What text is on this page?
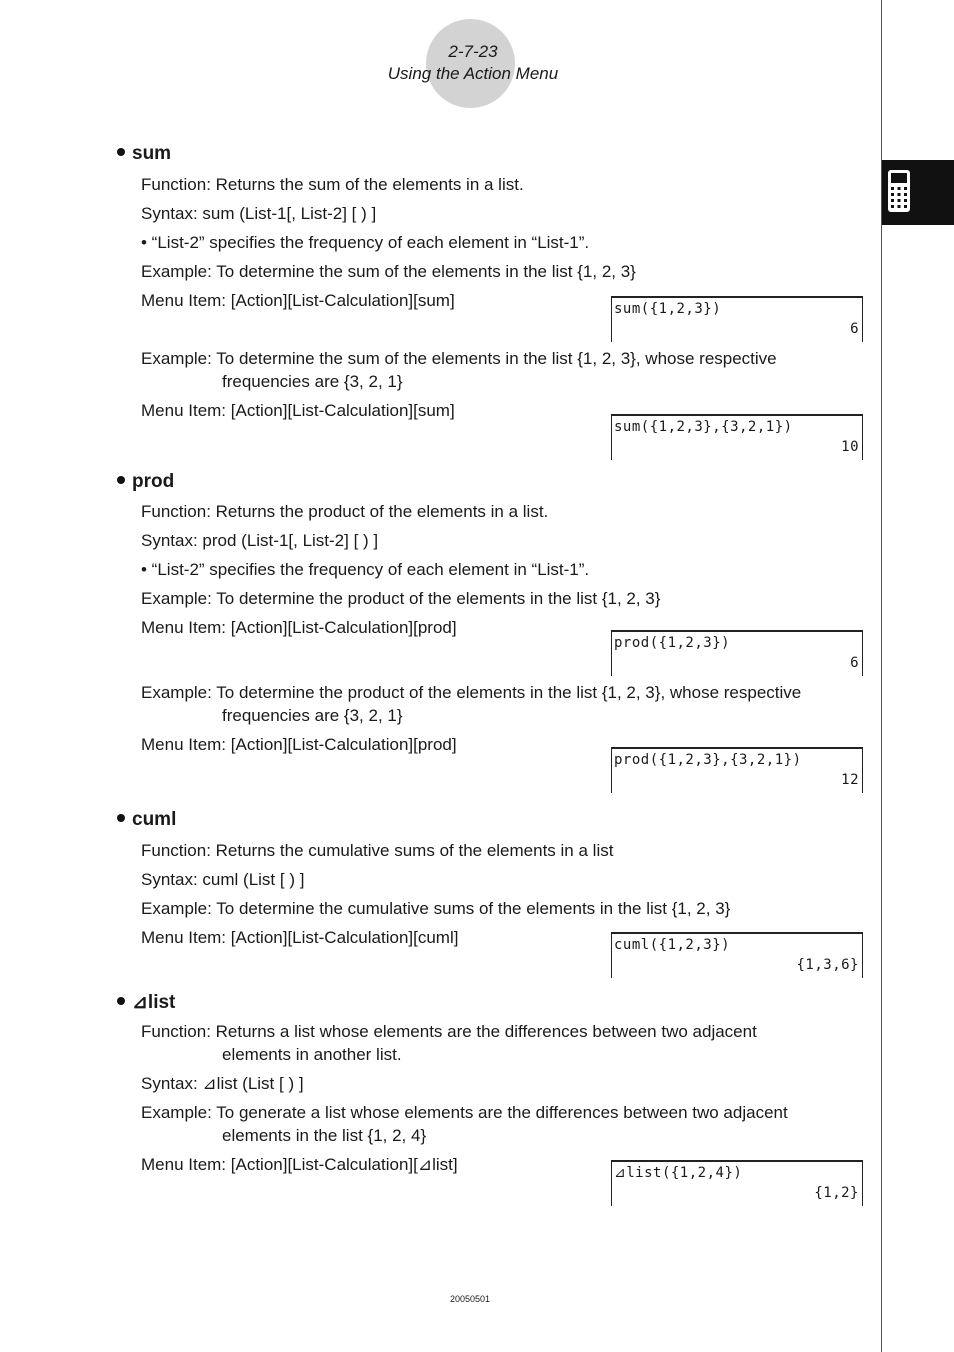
2-7-23
Using the Action Menu
sum
Function: Returns the sum of the elements in a list.
Syntax: sum (List-1[, List-2] [ ) ]
• “List-2” specifies the frequency of each element in “List-1”.
Example: To determine the sum of the elements in the list {1, 2, 3}
Menu Item: [Action][List-Calculation][sum]	sum({1,2,3})
6
Example: To determine the sum of the elements in the list {1, 2, 3}, whose respective
frequencies are {3, 2, 1}
Menu Item: [Action][List-Calculation][sum]
sum({1,2,3},{3,2,1})
10
prod
Function: Returns the product of the elements in a list.
Syntax: prod (List-1[, List-2] [ ) ]
• “List-2” specifies the frequency of each element in “List-1”.
Example: To determine the product of the elements in the list {1, 2, 3}
Menu Item: [Action][List-Calculation][prod]
prod({1,2,3})
6
Example: To determine the product of the elements in the list {1, 2, 3}, whose respective
frequencies are {3, 2, 1}
Menu Item: [Action][List-Calculation][prod]
prod({1,2,3},{3,2,1})
12
cuml
Function: Returns the cumulative sums of the elements in a list
Syntax: cuml (List [ ) ]
Example: To determine the cumulative sums of the elements in the list {1, 2, 3}
Menu Item: [Action][List-Calculation][cuml]	cuml({1,2,3})
{1,3,6}
⊿list
Function: Returns a list whose elements are the differences between two adjacent
elements in another list.
Syntax: ⊿list (List [ ) ]
Example: To generate a list whose elements are the differences between two adjacent
elements in the list {1, 2, 4}
Menu Item: [Action][List-Calculation][⊿list]	⊿list({1,2,4})
{1,2}
20050501
